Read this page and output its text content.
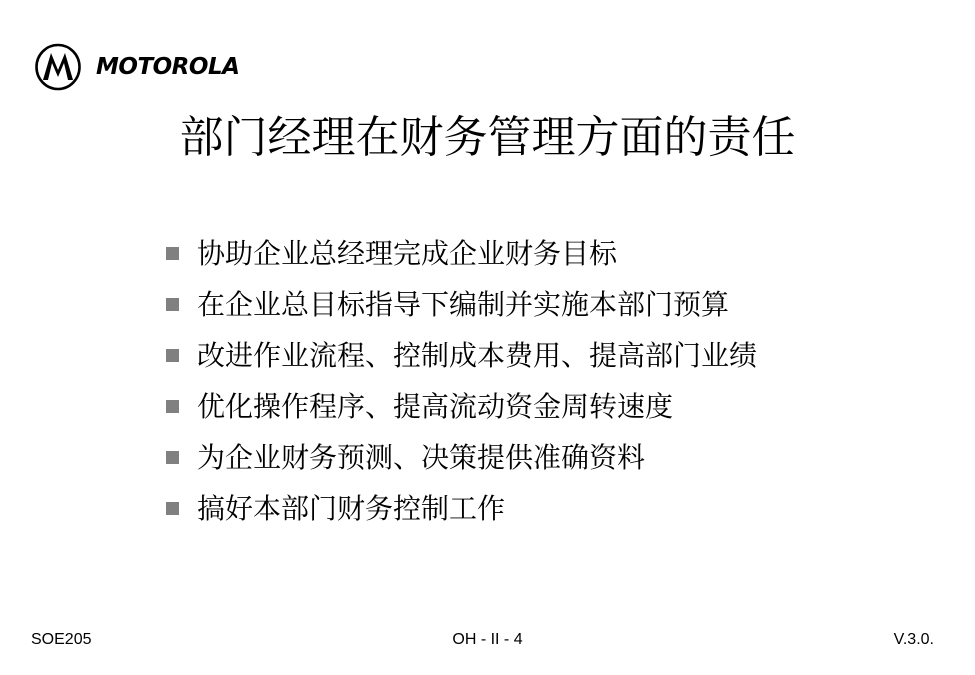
MOTOROLA
部门经理在财务管理方面的责任
协助企业总经理完成企业财务目标
在企业总目标指导下编制并实施本部门预算
改进作业流程、控制成本费用、提高部门业绩
优化操作程序、提高流动资金周转速度
为企业财务预测、决策提供准确资料
搞好本部门财务控制工作
SOE205	OH - II - 4	V.3.0.
